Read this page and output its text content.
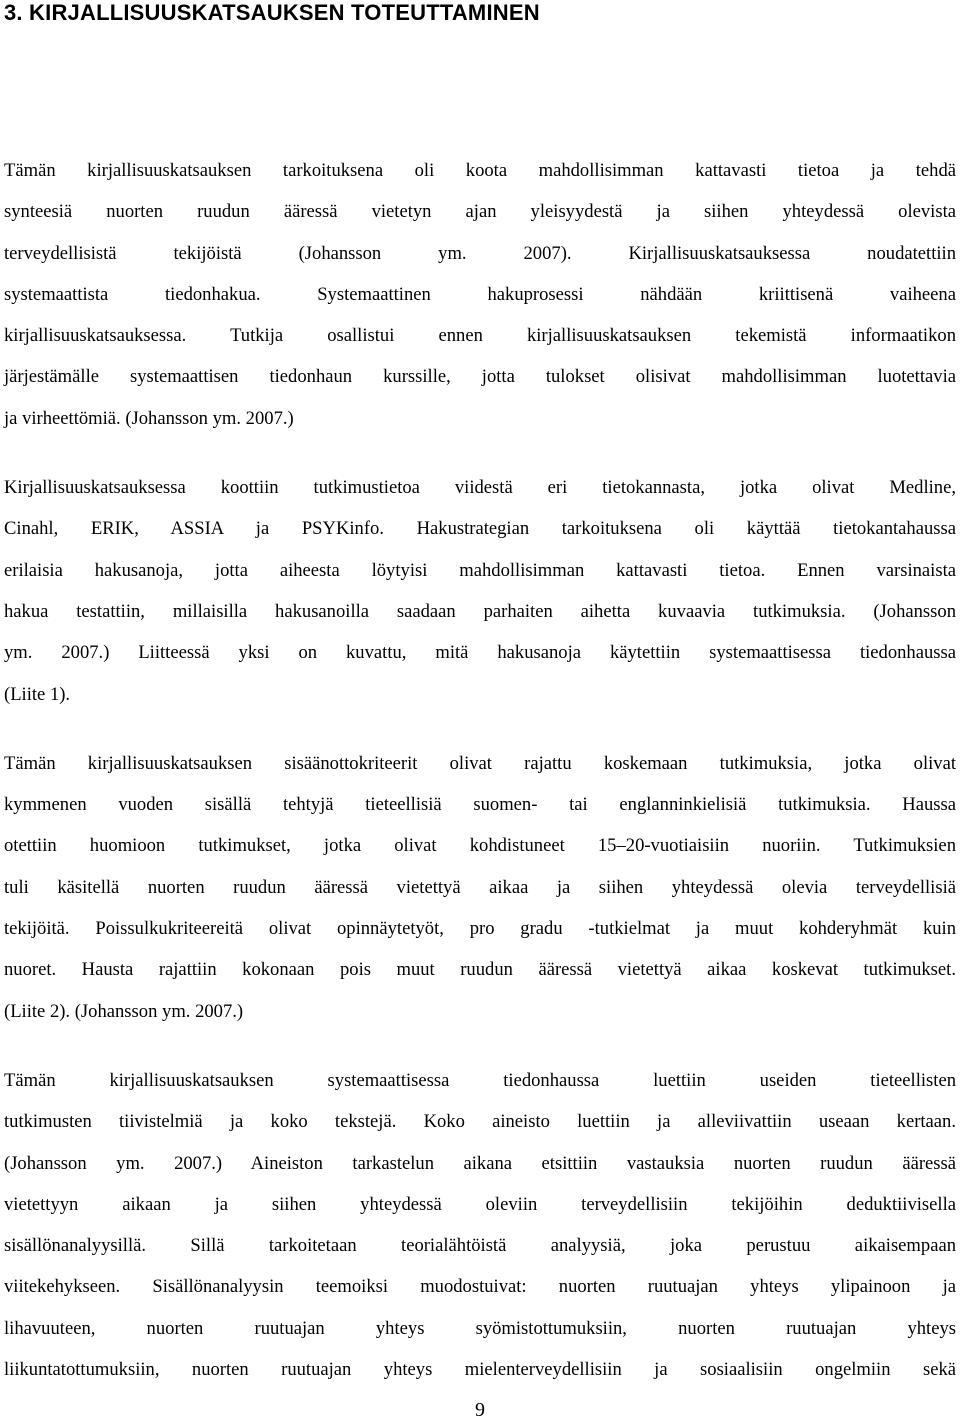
3. KIRJALLISUUSKATSAUKSEN TOTEUTTAMINEN

Tämän kirjallisuuskatsauksen tarkoituksena oli koota mahdollisimman kattavasti tietoa ja tehdä
synteesiä nuorten ruudun ääressä vietetyn ajan yleisyydestä ja siihen yhteydessä olevista
terveydellisistä tekijöistä (Johansson ym. 2007). Kirjallisuuskatsauksessa noudatettiin
systemaattista tiedonhakua. Systemaattinen hakuprosessi nähdään kriittisenä vaiheena
kirjallisuuskatsauksessa. Tutkija osallistui ennen kirjallisuuskatsauksen tekemistä informaatikon
järjestämälle systemaattisen tiedonhaun kurssille, jotta tulokset olisivat mahdollisimman luotettavia
ja virheettömiä. (Johansson ym. 2007.)

Kirjallisuuskatsauksessa koottiin tutkimustietoa viidestä eri tietokannasta, jotka olivat Medline,
Cinahl, ERIK, ASSIA ja PSYKinfo. Hakustrategian tarkoituksena oli käyttää tietokantahaussa
erilaisia hakusanoja, jotta aiheesta löytyisi mahdollisimman kattavasti tietoa. Ennen varsinaista
hakua testattiin, millaisilla hakusanoilla saadaan parhaiten aihetta kuvaavia tutkimuksia. (Johansson
ym. 2007.) Liitteessä yksi on kuvattu, mitä hakusanoja käytettiin systemaattisessa tiedonhaussa
(Liite 1).

Tämän kirjallisuuskatsauksen sisäänottokriteerit olivat rajattu koskemaan tutkimuksia, jotka olivat
kymmenen vuoden sisällä tehtyjä tieteellisiä suomen- tai englanninkielisiä tutkimuksia. Haussa
otettiin huomioon tutkimukset, jotka olivat kohdistuneet 15–20-vuotiaisiin nuoriin. Tutkimuksien
tuli käsitellä nuorten ruudun ääressä vietettyä aikaa ja siihen yhteydessä olevia terveydellisiä
tekijöitä. Poissulkukriteereitä olivat opinnäytetyöt, pro gradu -tutkielmat ja muut kohderyhmät kuin
nuoret. Hausta rajattiin kokonaan pois muut ruudun ääressä vietettyä aikaa koskevat tutkimukset.
(Liite 2). (Johansson ym. 2007.)

Tämän kirjallisuuskatsauksen systemaattisessa tiedonhaussa luettiin useiden tieteellisten
tutkimusten tiivistelmiä ja koko tekstejä. Koko aineisto luettiin ja alleviivattiin useaan kertaan.
(Johansson ym. 2007.) Aineiston tarkastelun aikana etsittiin vastauksia nuorten ruudun ääressä
vietettyyn aikaan ja siihen yhteydessä oleviin terveydellisiin tekijöihin deduktiivisella
sisällönanalyysillä. Sillä tarkoitetaan teorialähtöistä analyysiä, joka perustuu aikaisempaan
viitekehykseen. Sisällönanalyysin teemoiksi muodostuivat: nuorten ruutuajan yhteys ylipainoon ja
lihavuuteen, nuorten ruutuajan yhteys syömistottumuksiin, nuorten ruutuajan yhteys
liikuntatottumuksiin, nuorten ruutuajan yhteys mielenterveydellisiin ja sosiaalisiin ongelmiin sekä

9
